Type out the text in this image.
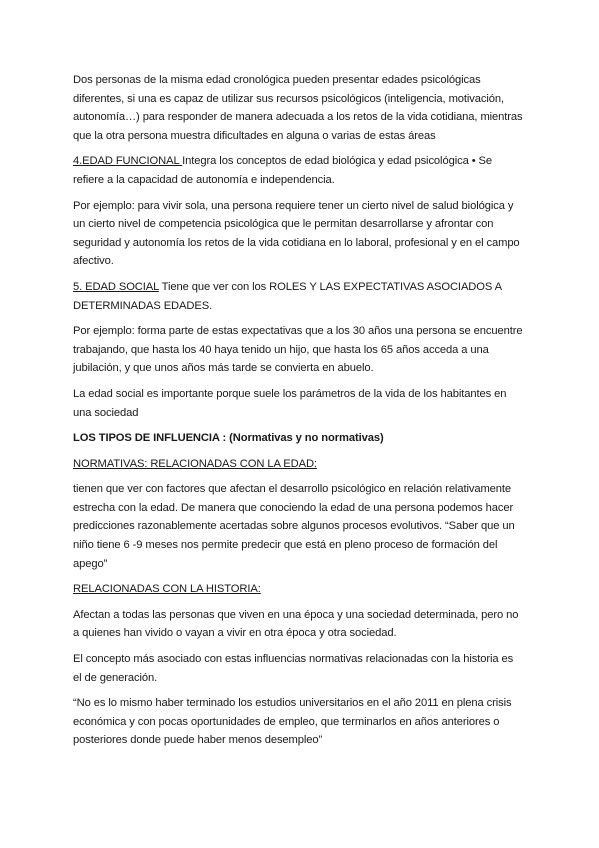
Dos personas de la misma edad cronológica pueden presentar edades psicológicas diferentes, si una es capaz de utilizar sus recursos psicológicos (inteligencia, motivación, autonomía…) para responder de manera adecuada a los retos de la vida cotidiana, mientras que la otra persona muestra dificultades en alguna o varias de estas áreas

4.EDAD FUNCIONAL Integra los conceptos de edad biológica y edad psicológica • Se refiere a la capacidad de autonomía e independencia.

Por ejemplo: para vivir sola, una persona requiere tener un cierto nivel de salud biológica y un cierto nivel de competencia psicológica que le permitan desarrollarse y afrontar con seguridad y autonomía los retos de la vida cotidiana en lo laboral, profesional y en el campo afectivo.

5. EDAD SOCIAL Tiene que ver con los ROLES Y LAS EXPECTATIVAS ASOCIADOS A DETERMINADAS EDADES.

Por ejemplo: forma parte de estas expectativas que a los 30 años una persona se encuentre trabajando, que hasta los 40 haya tenido un hijo, que hasta los 65 años acceda a una jubilación, y que unos años más tarde se convierta en abuelo.

La edad social es importante porque suele los parámetros de la vida de los habitantes en una sociedad

LOS TIPOS DE INFLUENCIA : (Normativas y no normativas)

NORMATIVAS: RELACIONADAS CON LA EDAD:

tienen que ver con factores que afectan el desarrollo psicológico en relación relativamente estrecha con la edad. De manera que conociendo la edad de una persona podemos hacer predicciones razonablemente acertadas sobre algunos procesos evolutivos. “Saber que un niño tiene 6 -9 meses nos permite predecir que está en pleno proceso de formación del apego”

RELACIONADAS CON LA HISTORIA:

Afectan a todas las personas que viven en una época y una sociedad determinada, pero no a quienes han vivido o vayan a vivir en otra época y otra sociedad.

El concepto más asociado con estas influencias normativas relacionadas con la historia es el de generación.

“No es lo mismo haber terminado los estudios universitarios en el año 2011 en plena crisis económica y con pocas oportunidades de empleo, que terminarlos en años anteriores o posteriores donde puede haber menos desempleo”
